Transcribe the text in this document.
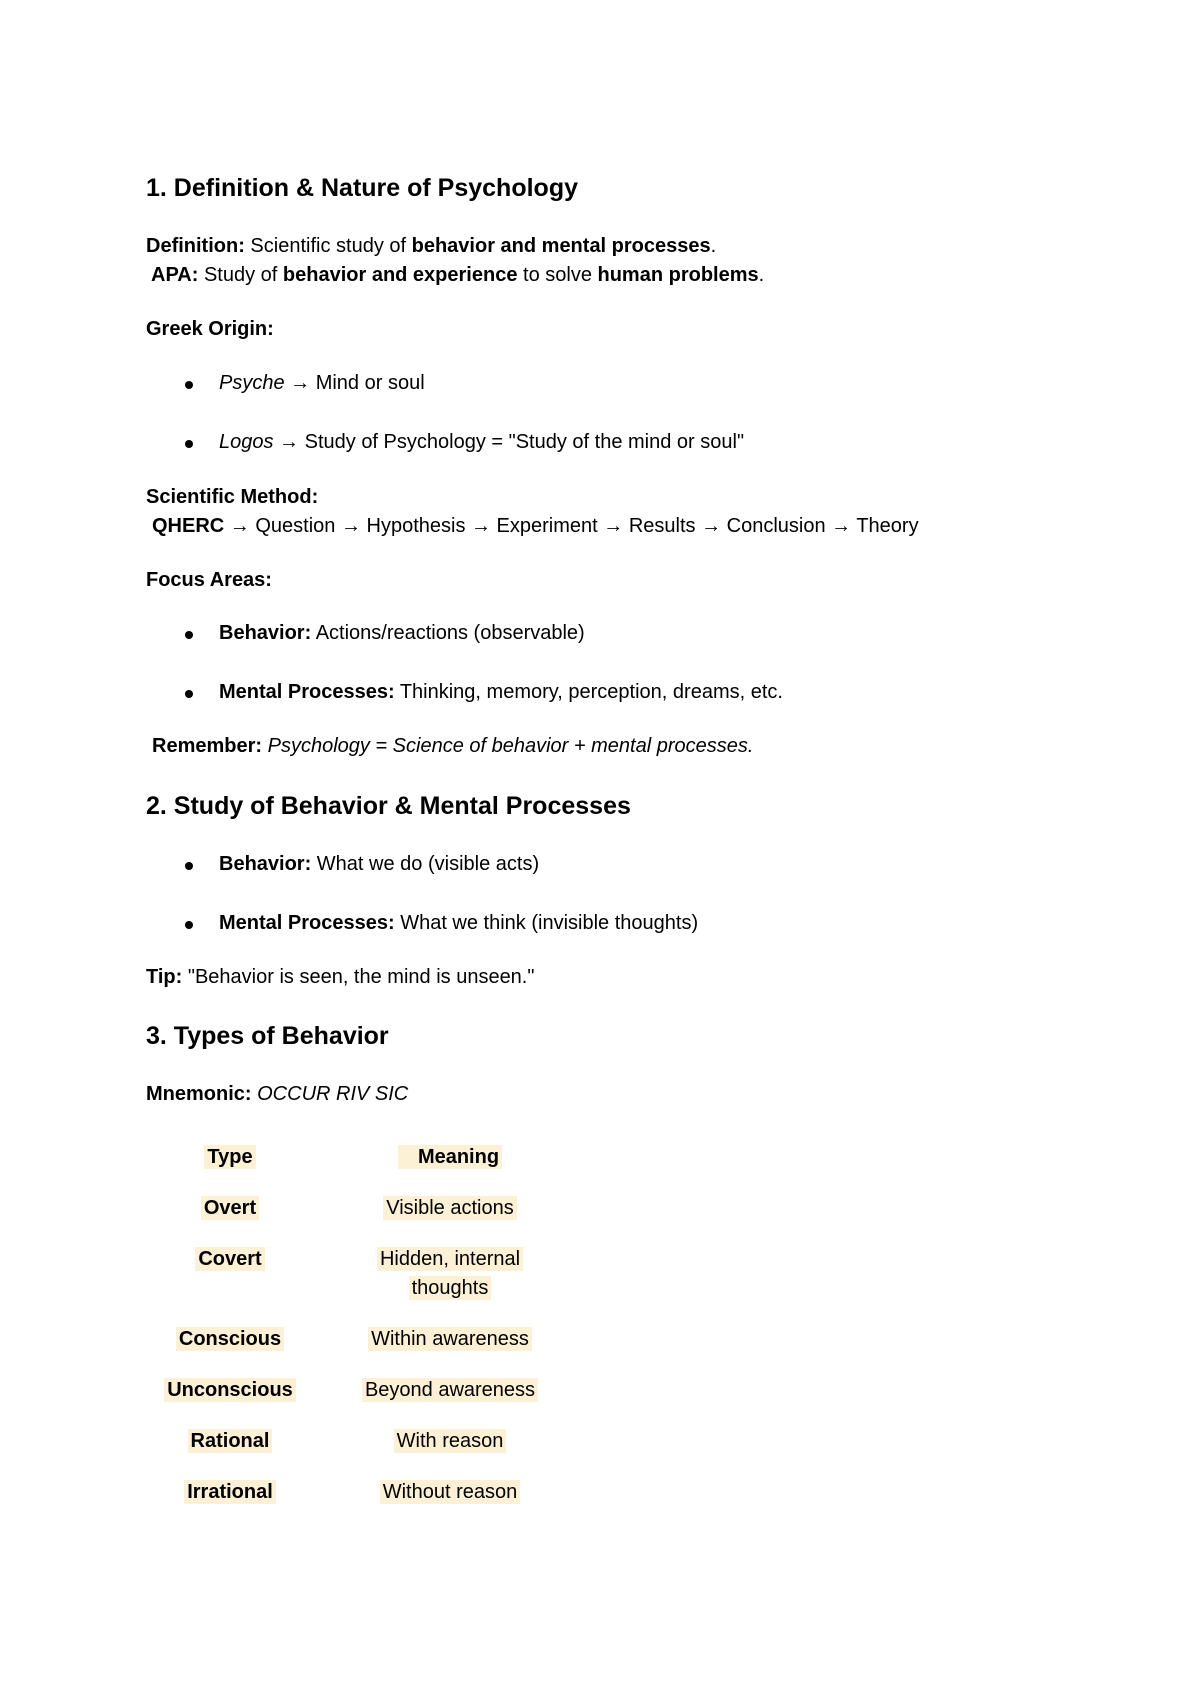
1. Definition & Nature of Psychology
Definition: Scientific study of behavior and mental processes.
APA: Study of behavior and experience to solve human problems.
Greek Origin:
Psyche → Mind or soul
Logos → Study of Psychology = "Study of the mind or soul"
Scientific Method:
QHERC → Question → Hypothesis → Experiment → Results → Conclusion → Theory
Focus Areas:
Behavior: Actions/reactions (observable)
Mental Processes: Thinking, memory, perception, dreams, etc.
Remember: Psychology = Science of behavior + mental processes.
2. Study of Behavior & Mental Processes
Behavior: What we do (visible acts)
Mental Processes: What we think (invisible thoughts)
Tip: "Behavior is seen, the mind is unseen."
3. Types of Behavior
Mnemonic: OCCUR RIV SIC
Type	Meaning
Overt	Visible actions
Covert	Hidden, internal
thoughts
Conscious	Within awareness
Unconscious	Beyond awareness
Rational	With reason
Irrational	Without reason
